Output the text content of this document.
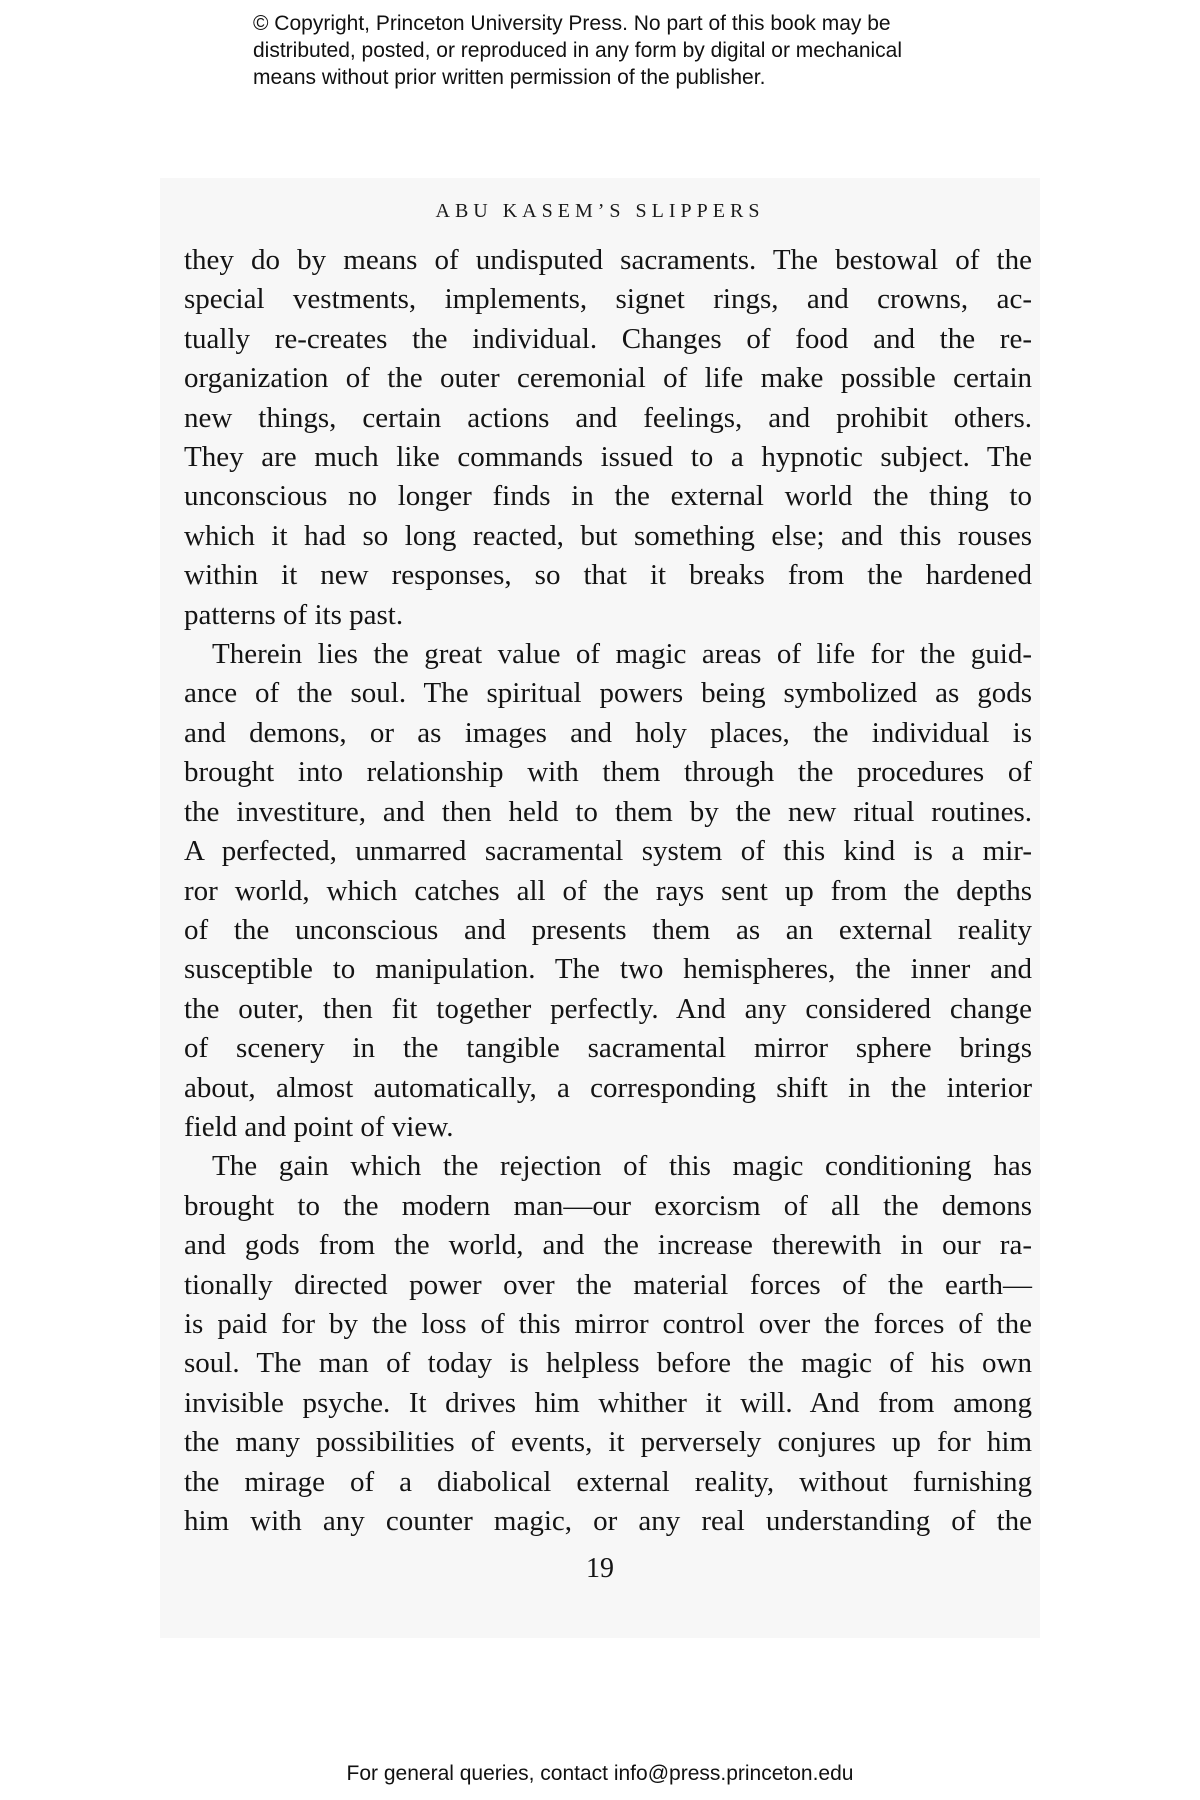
© Copyright, Princeton University Press. No part of this book may be
distributed, posted, or reproduced in any form by digital or mechanical
means without prior written permission of the publisher.
ABU KASEM’S SLIPPERS

they do by means of undisputed sacraments. The bestowal of the
special vestments, implements, signet rings, and crowns, ac-
tually re-creates the individual. Changes of food and the re-
organization of the outer ceremonial of life make possible certain
new things, certain actions and feelings, and prohibit others.
They are much like commands issued to a hypnotic subject. The
unconscious no longer finds in the external world the thing to
which it had so long reacted, but something else; and this rouses
within it new responses, so that it breaks from the hardened
patterns of its past.

Therein lies the great value of magic areas of life for the guid-
ance of the soul. The spiritual powers being symbolized as gods
and demons, or as images and holy places, the individual is
brought into relationship with them through the procedures of
the investiture, and then held to them by the new ritual routines.
A perfected, unmarred sacramental system of this kind is a mir-
ror world, which catches all of the rays sent up from the depths
of the unconscious and presents them as an external reality
susceptible to manipulation. The two hemispheres, the inner and
the outer, then fit together perfectly. And any considered change
of scenery in the tangible sacramental mirror sphere brings
about, almost automatically, a corresponding shift in the interior
field and point of view.

The gain which the rejection of this magic conditioning has
brought to the modern man—our exorcism of all the demons
and gods from the world, and the increase therewith in our ra-
tionally directed power over the material forces of the earth—
is paid for by the loss of this mirror control over the forces of the
soul. The man of today is helpless before the magic of his own
invisible psyche. It drives him whither it will. And from among
the many possibilities of events, it perversely conjures up for him
the mirage of a diabolical external reality, without furnishing
him with any counter magic, or any real understanding of the

19
For general queries, contact info@press.princeton.edu
